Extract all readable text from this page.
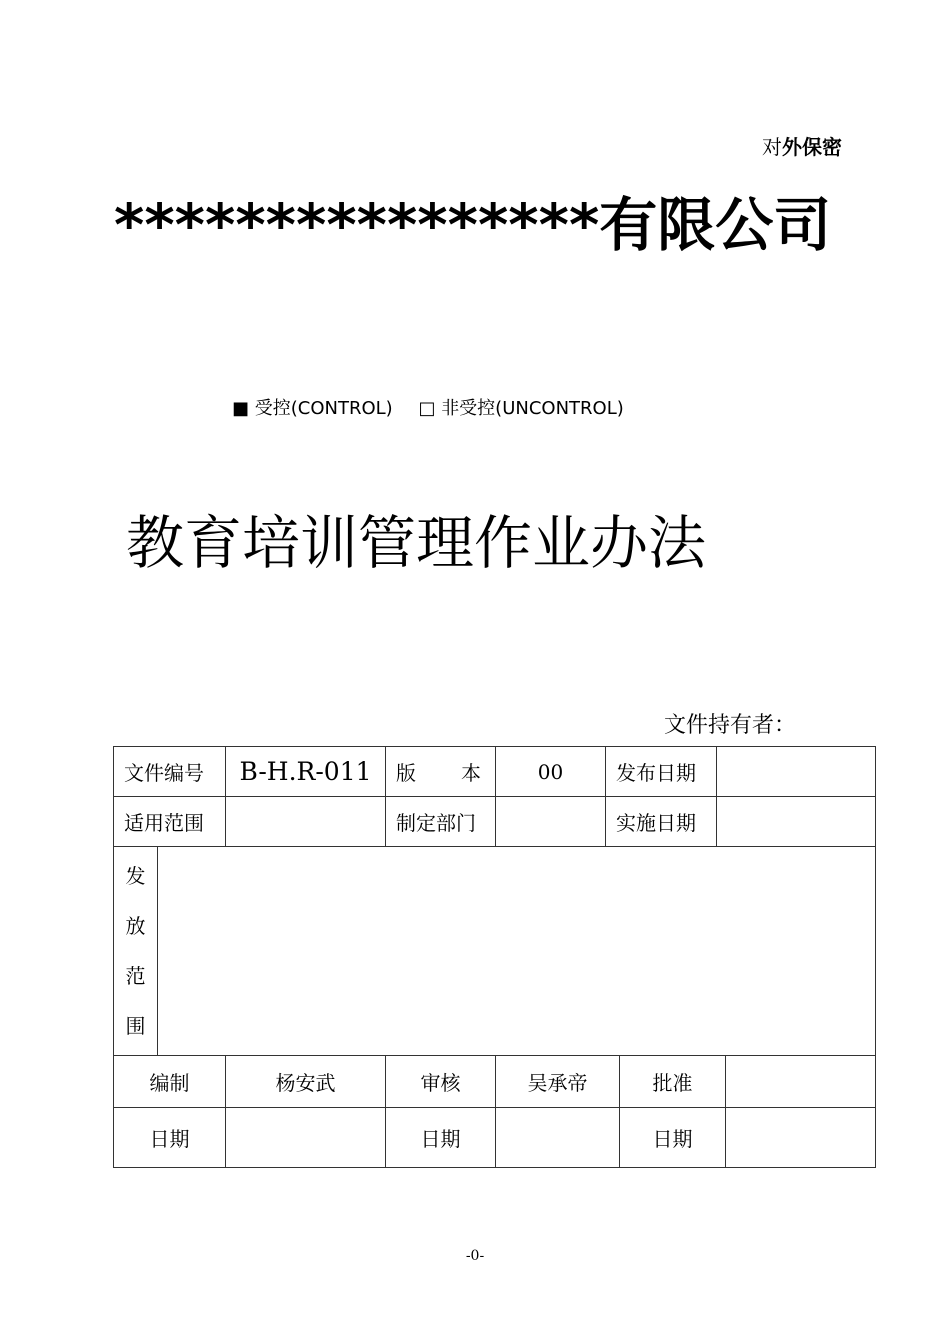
对外保密
****************有限公司
■ 受控(CONTROL) □ 非受控(UNCONTROL)
教育培训管理作业办法
文件持有者：
文件编号		B-H.R-011	版 本	00	发布日期			
适用范围			制定部门		实施日期			

发
放
范
围								

编制		杨安武	审核	吴承帝		批准		
日期			日期			日期		
-0-
